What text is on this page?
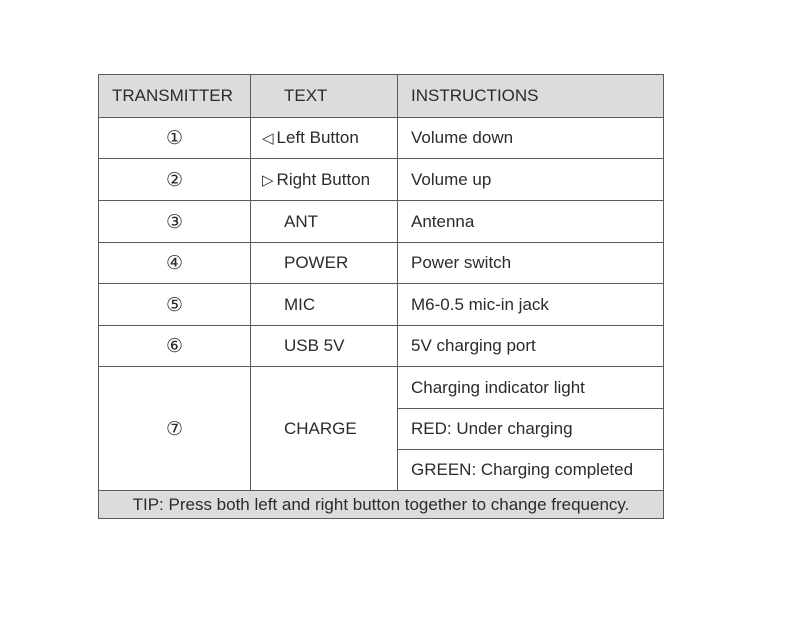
TRANSMITTER	TEXT	INSTRUCTIONS
①	◁ Left Button	Volume down
②	▷ Right Button	Volume up
③	ANT	Antenna
④	POWER	Power switch
⑤	MIC	M6-0.5 mic-in jack
⑥	USB 5V	5V charging port
⑦	CHARGE	Charging indicator light
		RED: Under charging
		GREEN: Charging completed
TIP: Press both left and right button together to change frequency.		
